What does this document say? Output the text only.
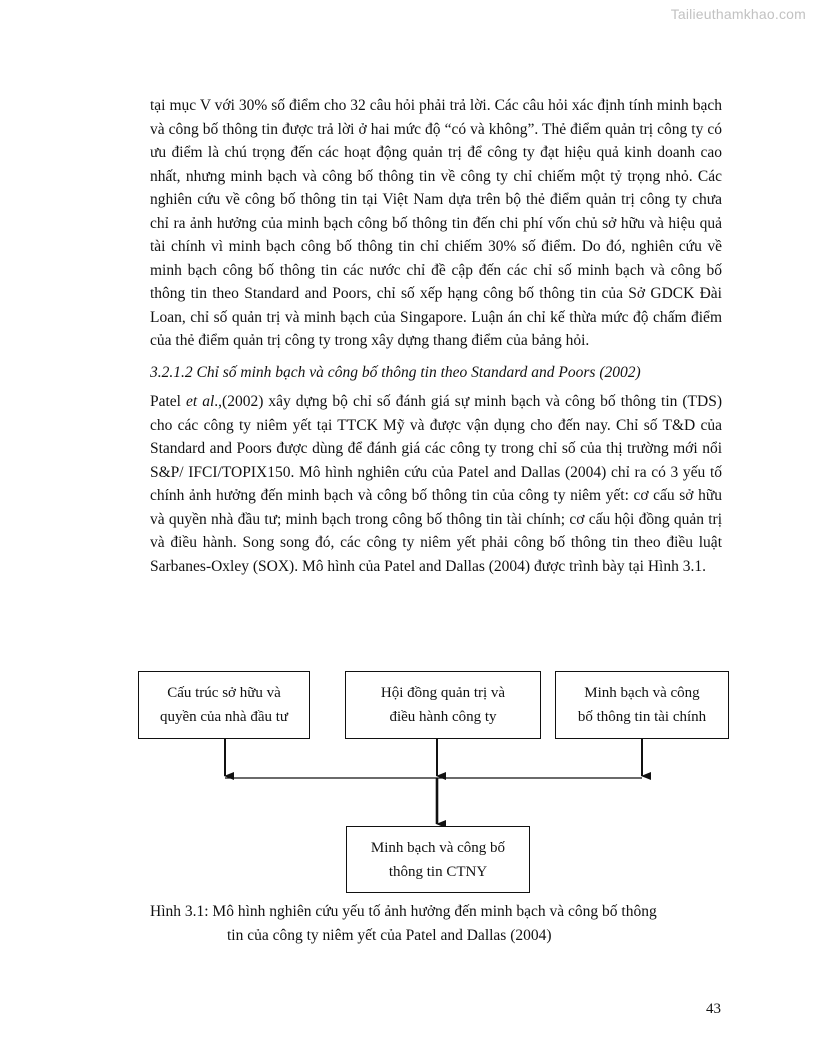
Tailieuthamkhao.com

tại mục V với 30% số điểm cho 32 câu hỏi phải trả lời. Các câu hỏi xác định tính minh bạch và công bố thông tin được trả lời ở hai mức độ “có và không”. Thẻ điểm quản trị công ty có ưu điểm là chú trọng đến các hoạt động quản trị để công ty đạt hiệu quả kinh doanh cao nhất, nhưng minh bạch và công bố thông tin về công ty chỉ chiếm một tỷ trọng nhỏ. Các nghiên cứu về công bố thông tin tại Việt Nam dựa trên bộ thẻ điểm quản trị công ty chưa chỉ ra ảnh hưởng của minh bạch công bố thông tin đến chi phí vốn chủ sở hữu và hiệu quả tài chính vì minh bạch công bố thông tin chỉ chiếm 30% số điểm. Do đó, nghiên cứu về minh bạch công bố thông tin các nước chỉ đề cập đến các chỉ số minh bạch và công bố thông tin theo Standard and Poors, chỉ số xếp hạng công bố thông tin của Sở GDCK Đài Loan, chỉ số quản trị và minh bạch của Singapore. Luận án chỉ kế thừa mức độ chấm điểm của thẻ điểm quản trị công ty trong xây dựng thang điểm của bảng hỏi.

3.2.1.2 Chỉ số minh bạch và công bố thông tin theo Standard and Poors (2002)

Patel et al.,(2002) xây dựng bộ chỉ số đánh giá sự minh bạch và công bố thông tin (TDS) cho các công ty niêm yết tại TTCK Mỹ và được vận dụng cho đến nay. Chỉ số T&D của Standard and Poors được dùng để đánh giá các công ty trong chỉ số của thị trường mới nổi S&P/ IFCI/TOPIX150. Mô hình nghiên cứu của Patel and Dallas (2004) chỉ ra có 3 yếu tố chính ảnh hưởng đến minh bạch và công bố thông tin của công ty niêm yết: cơ cấu sở hữu và quyền nhà đầu tư; minh bạch trong công bố thông tin tài chính; cơ cấu hội đồng quản trị và điều hành. Song song đó, các công ty niêm yết phải công bố thông tin theo điều luật Sarbanes-Oxley (SOX). Mô hình của Patel and Dallas (2004) được trình bày tại Hình 3.1.

Cấu trúc sở hữu và
quyền của nhà đầu tư
Hội đồng quản trị và
điều hành công ty
Minh bạch và công
bố thông tin tài chính
Minh bạch và công bố
thông tin CTNY
Hình 3.1: Mô hình nghiên cứu yếu tố ảnh hưởng đến minh bạch và công bố thông
tin của công ty niêm yết của Patel and Dallas (2004)
43
